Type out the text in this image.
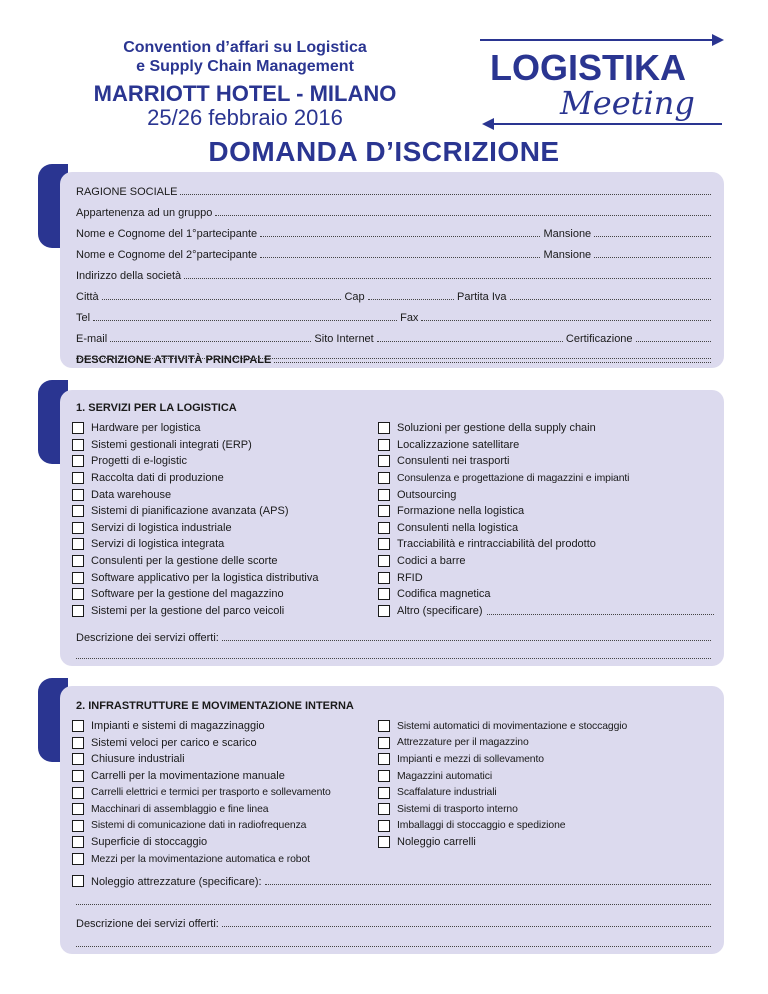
Convention d’affari su Logistica
e Supply Chain Management
MARRIOTT HOTEL - MILANO
25/26 febbraio 2016
LOGISTIKA
Meeting
DOMANDA D’ISCRIZIONE
RAGIONE SOCIALE
Appartenenza ad un gruppo
Nome e Cognome del 1°partecipante	Mansione
Nome e Cognome del 2°partecipante	Mansione
Indirizzo della società
Città	Cap	Partita Iva
Tel	Fax
E-mail	Sito Internet	Certificazione
DESCRIZIONE ATTIVITÀ PRINCIPALE
1. SERVIZI PER LA LOGISTICA
Hardware per logistica
Sistemi gestionali integrati (ERP)
Progetti di e-logistic
Raccolta dati di produzione
Data warehouse
Sistemi di pianificazione avanzata (APS)
Servizi di logistica industriale
Servizi di logistica integrata
Consulenti per la gestione delle scorte
Software applicativo per la logistica distributiva
Software per la gestione del magazzino
Sistemi per la gestione del parco veicoli
Soluzioni per gestione della supply chain
Localizzazione satellitare
Consulenti nei trasporti
Consulenza e progettazione di magazzini e impianti
Outsourcing
Formazione nella logistica
Consulenti nella logistica
Tracciabilità e rintracciabilità del prodotto
Codici a barre
RFID
Codifica magnetica
Altro (specificare)
Descrizione dei servizi offerti:
2. INFRASTRUTTURE E MOVIMENTAZIONE INTERNA
Impianti e sistemi di magazzinaggio
Sistemi veloci per carico e scarico
Chiusure industriali
Carrelli per la movimentazione manuale
Carrelli elettrici e termici per trasporto e sollevamento
Macchinari di assemblaggio e fine linea
Sistemi di comunicazione dati in radiofrequenza
Superficie di stoccaggio
Mezzi per la movimentazione automatica e robot
Sistemi automatici di movimentazione e stoccaggio
Attrezzature per il magazzino
Impianti e mezzi di sollevamento
Magazzini automatici
Scaffalature industriali
Sistemi di trasporto interno
Imballaggi di stoccaggio e spedizione
Noleggio carrelli
Noleggio attrezzature (specificare):
Descrizione dei servizi offerti:
